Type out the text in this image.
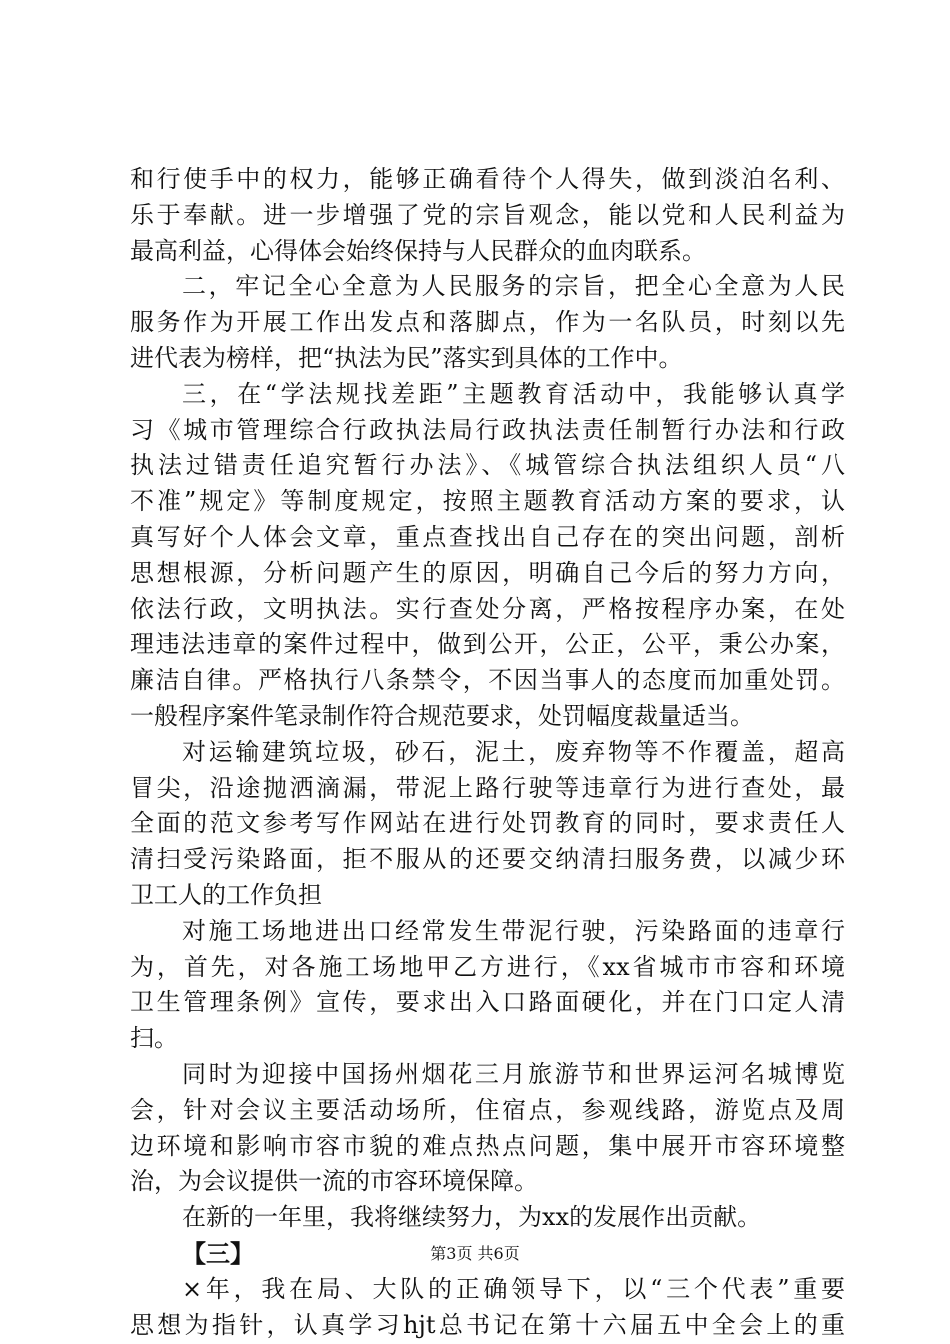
和行使手中的权力，能够正确看待个人得失，做到淡泊名利、
乐于奉献。进一步增强了党的宗旨观念，能以党和人民利益为
最高利益，心得体会始终保持与人民群众的血肉联系。
二，牢记全心全意为人民服务的宗旨，把全心全意为人民
服务作为开展工作出发点和落脚点，作为一名队员，时刻以先
进代表为榜样，把“执法为民”落实到具体的工作中。
三，在“学法规找差距”主题教育活动中，我能够认真学
习《城市管理综合行政执法局行政执法责任制暂行办法和行政
执法过错责任追究暂行办法》、《城管综合执法组织人员“八
不准”规定》等制度规定，按照主题教育活动方案的要求，认
真写好个人体会文章，重点查找出自己存在的突出问题，剖析
思想根源，分析问题产生的原因，明确自己今后的努力方向，
依法行政，文明执法。实行查处分离，严格按程序办案，在处
理违法违章的案件过程中，做到公开，公正，公平，秉公办案，
廉洁自律。严格执行八条禁令，不因当事人的态度而加重处罚。
一般程序案件笔录制作符合规范要求，处罚幅度裁量适当。
对运输建筑垃圾，砂石，泥土，废弃物等不作覆盖，超高
冒尖，沿途抛洒滴漏，带泥上路行驶等违章行为进行查处，最
全面的范文参考写作网站在进行处罚教育的同时，要求责任人
清扫受污染路面，拒不服从的还要交纳清扫服务费，以减少环
卫工人的工作负担
对施工场地进出口经常发生带泥行驶，污染路面的违章行
为，首先，对各施工场地甲乙方进行，《xx省城市市容和环境
卫生管理条例》宣传，要求出入口路面硬化，并在门口定人清
扫。
同时为迎接中国扬州烟花三月旅游节和世界运河名城博览
会，针对会议主要活动场所，住宿点，参观线路，游览点及周
边环境和影响市容市貌的难点热点问题，集中展开市容环境整
治，为会议提供一流的市容环境保障。
在新的一年里，我将继续努力，为xx的发展作出贡献。
【三】
×年，我在局、大队的正确领导下，以“三个代表”重要
思想为指针，认真学习hjt总书记在第十六届五中全会上的重
第3页 共6页
